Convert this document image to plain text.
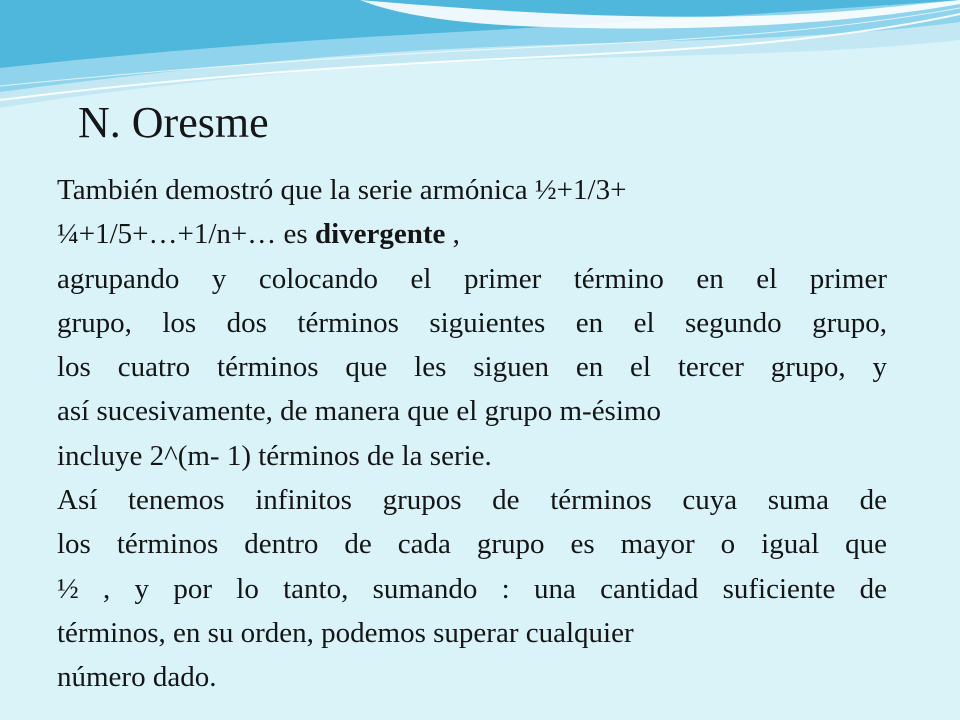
N. Oresme
También demostró que la serie armónica ½+1/3+
¼+1/5+…+1/n+… es divergente ,
agrupando y colocando el primer término en el primer
grupo, los dos términos siguientes en el segundo grupo,
los cuatro términos que les siguen en el tercer grupo, y
así sucesivamente, de manera que el grupo m-ésimo
incluye 2^(m- 1) términos de la serie.
Así tenemos infinitos grupos de términos cuya suma de
los términos dentro de cada grupo es mayor o igual que
½ , y por lo tanto, sumando : una cantidad suficiente de
términos, en su orden, podemos superar cualquier
número dado.
